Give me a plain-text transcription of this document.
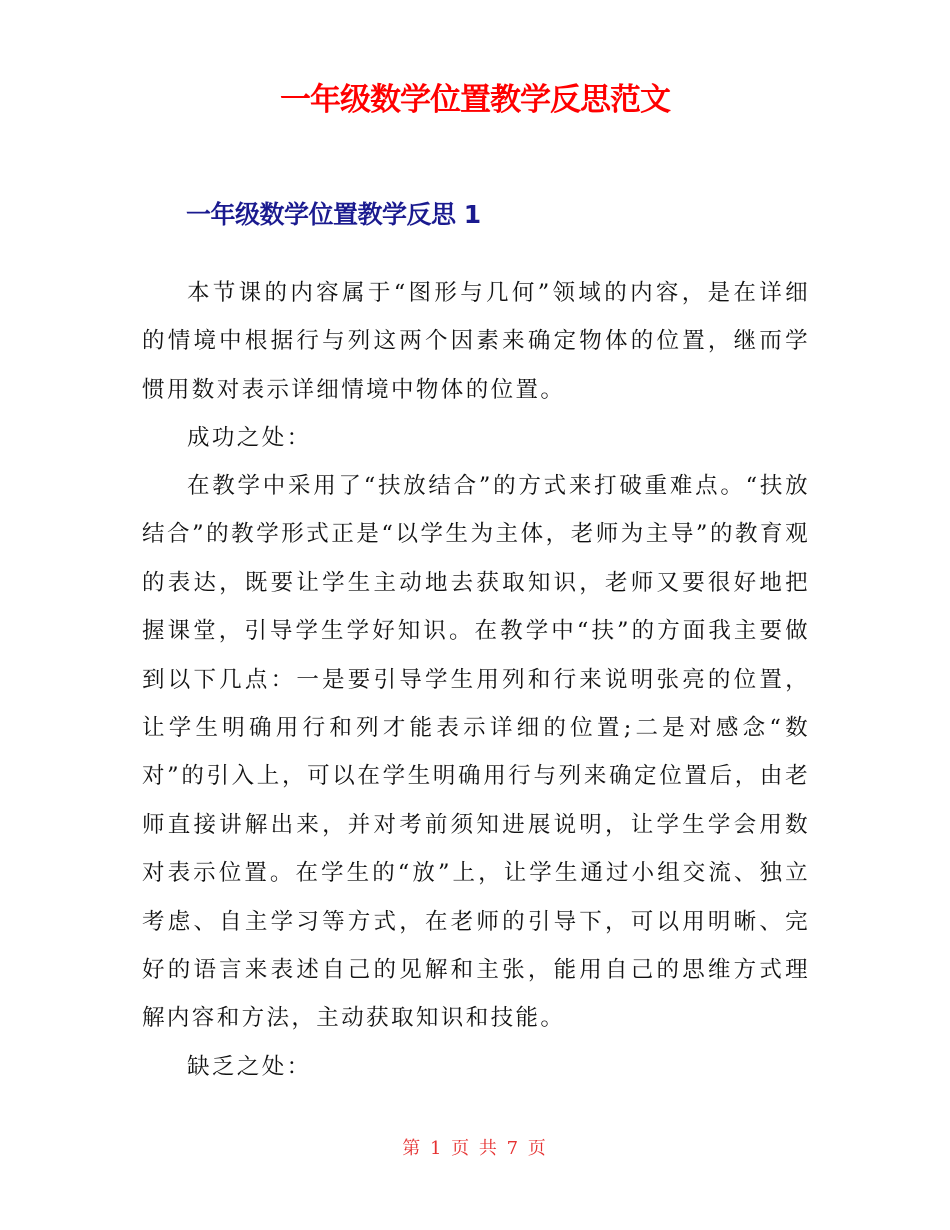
一年级数学位置教学反思范文
一年级数学位置教学反思 1

本节课的内容属于“图形与几何”领域的内容，是在详细的情境中根据行与列这两个因素来确定物体的位置，继而学惯用数对表示详细情境中物体的位置。

成功之处：

在教学中采用了“扶放结合”的方式来打破重难点。“扶放结合”的教学形式正是“以学生为主体，老师为主导”的教育观的表达，既要让学生主动地去获取知识，老师又要很好地把握课堂，引导学生学好知识。在教学中“扶”的方面我主要做到以下几点：一是要引导学生用列和行来说明张亮的位置，让学生明确用行和列才能表示详细的位置;二是对感念“数对”的引入上，可以在学生明确用行与列来确定位置后，由老师直接讲解出来，并对考前须知进展说明，让学生学会用数对表示位置。在学生的“放”上，让学生通过小组交流、独立考虑、自主学习等方式，在老师的引导下，可以用明晰、完好的语言来表述自己的见解和主张，能用自己的思维方式理解内容和方法，主动获取知识和技能。

缺乏之处：

第 1 页 共 7 页
